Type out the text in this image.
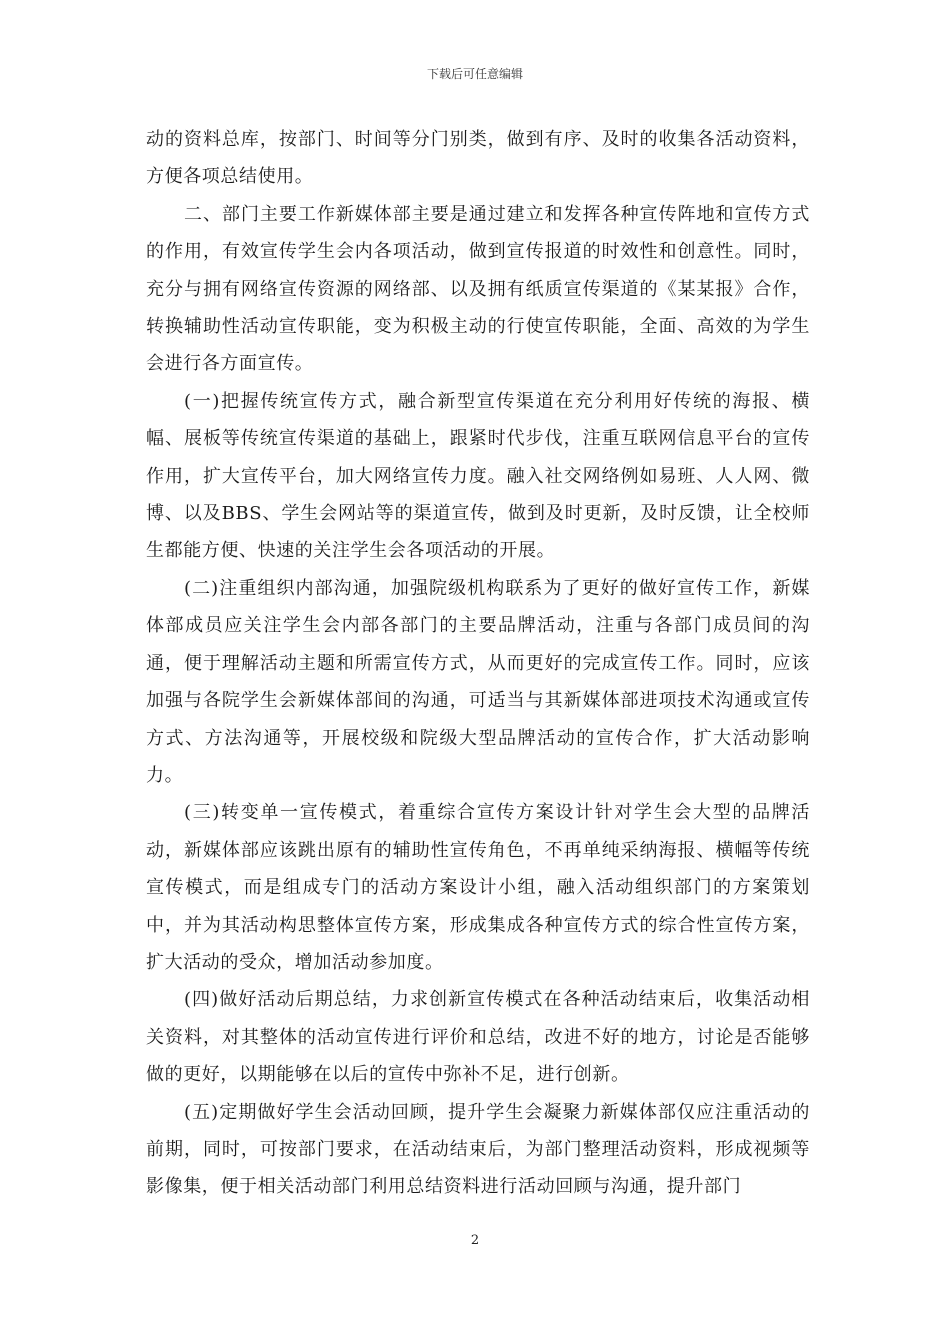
下载后可任意编辑

动的资料总库，按部门、时间等分门别类，做到有序、及时的收集各活动资料，方便各项总结使用。

二、部门主要工作新媒体部主要是通过建立和发挥各种宣传阵地和宣传方式的作用，有效宣传学生会内各项活动，做到宣传报道的时效性和创意性。同时，充分与拥有网络宣传资源的网络部、以及拥有纸质宣传渠道的《某某报》合作，转换辅助性活动宣传职能，变为积极主动的行使宣传职能，全面、高效的为学生会进行各方面宣传。

(一)把握传统宣传方式，融合新型宣传渠道在充分利用好传统的海报、横幅、展板等传统宣传渠道的基础上，跟紧时代步伐，注重互联网信息平台的宣传作用，扩大宣传平台，加大网络宣传力度。融入社交网络例如易班、人人网、微博、以及BBS、学生会网站等的渠道宣传，做到及时更新，及时反馈，让全校师生都能方便、快速的关注学生会各项活动的开展。

(二)注重组织内部沟通，加强院级机构联系为了更好的做好宣传工作，新媒体部成员应关注学生会内部各部门的主要品牌活动，注重与各部门成员间的沟通，便于理解活动主题和所需宣传方式，从而更好的完成宣传工作。同时，应该加强与各院学生会新媒体部间的沟通，可适当与其新媒体部进项技术沟通或宣传方式、方法沟通等，开展校级和院级大型品牌活动的宣传合作，扩大活动影响力。

(三)转变单一宣传模式，着重综合宣传方案设计针对学生会大型的品牌活动，新媒体部应该跳出原有的辅助性宣传角色，不再单纯采纳海报、横幅等传统宣传模式，而是组成专门的活动方案设计小组，融入活动组织部门的方案策划中，并为其活动构思整体宣传方案，形成集成各种宣传方式的综合性宣传方案，扩大活动的受众，增加活动参加度。

(四)做好活动后期总结，力求创新宣传模式在各种活动结束后，收集活动相关资料，对其整体的活动宣传进行评价和总结，改进不好的地方，讨论是否能够做的更好，以期能够在以后的宣传中弥补不足，进行创新。

(五)定期做好学生会活动回顾，提升学生会凝聚力新媒体部仅应注重活动的前期，同时，可按部门要求，在活动结束后，为部门整理活动资料，形成视频等影像集，便于相关活动部门利用总结资料进行活动回顾与沟通，提升部门

2
